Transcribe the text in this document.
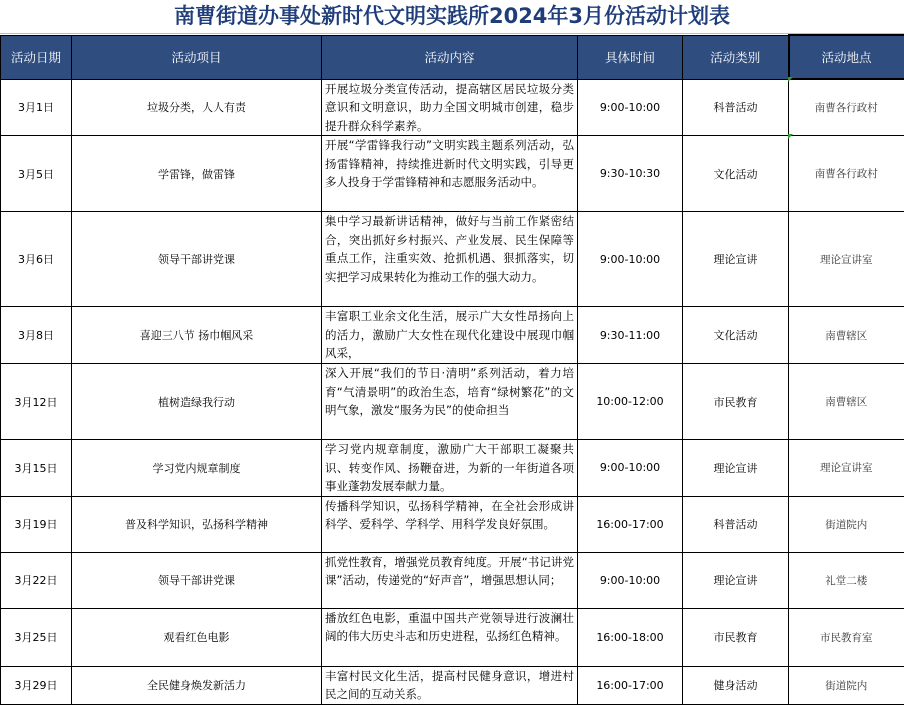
南曹街道办事处新时代文明实践所2024年3月份活动计划表
活动日期	活动项目	活动内容	具体时间	活动类别	活动地点
3月1日	垃圾分类，人人有责	开展垃圾分类宣传活动，提高辖区居民垃圾分类意识和文明意识，助力全国文明城市创建，稳步提升群众科学素养。	9:00-10:00	科普活动	南曹各行政村
3月5日	学雷锋，做雷锋	开展“学雷锋我行动”文明实践主题系列活动，弘扬雷锋精神，持续推进新时代文明实践，引导更多人投身于学雷锋精神和志愿服务活动中。	9:30-10:30	文化活动	南曹各行政村
3月6日	领导干部讲党课	集中学习最新讲话精神，做好与当前工作紧密结合，突出抓好乡村振兴、产业发展、民生保障等重点工作，注重实效、抢抓机遇、狠抓落实，切实把学习成果转化为推动工作的强大动力。	9:00-10:00	理论宣讲	理论宣讲室
3月8日	喜迎三八节 扬巾帼风采	丰富职工业余文化生活，展示广大女性昂扬向上的活力，激励广大女性在现代化建设中展现巾帼风采，	9:30-11:00	文化活动	南曹辖区
3月12日	植树造绿我行动	深入开展“我们的节日·清明”系列活动，着力培育“气清景明”的政治生态，培育“绿树繁花”的文明气象，激发“服务为民”的使命担当	10:00-12:00	市民教育	南曹辖区
3月15日	学习党内规章制度	学习党内规章制度，激励广大干部职工凝聚共识、转变作风、扬鞭奋进，为新的一年街道各项事业蓬勃发展奉献力量。	9:00-10:00	理论宣讲	理论宣讲室
3月19日	普及科学知识，弘扬科学精神	传播科学知识，弘扬科学精神，在全社会形成讲科学、爱科学、学科学、用科学发良好氛围。	16:00-17:00	科普活动	街道院内
3月22日	领导干部讲党课	抓党性教育，增强党员教育纯度。开展“书记讲党课”活动，传递党的“好声音”，增强思想认同；	9:00-10:00	理论宣讲	礼堂二楼
3月25日	观看红色电影	播放红色电影，重温中国共产党领导进行波澜壮阔的伟大历史斗志和历史进程，弘扬红色精神。	16:00-18:00	市民教育	市民教育室
3月29日	全民健身焕发新活力	丰富村民文化生活，提高村民健身意识，增进村民之间的互动关系。	16:00-17:00	健身活动	街道院内
